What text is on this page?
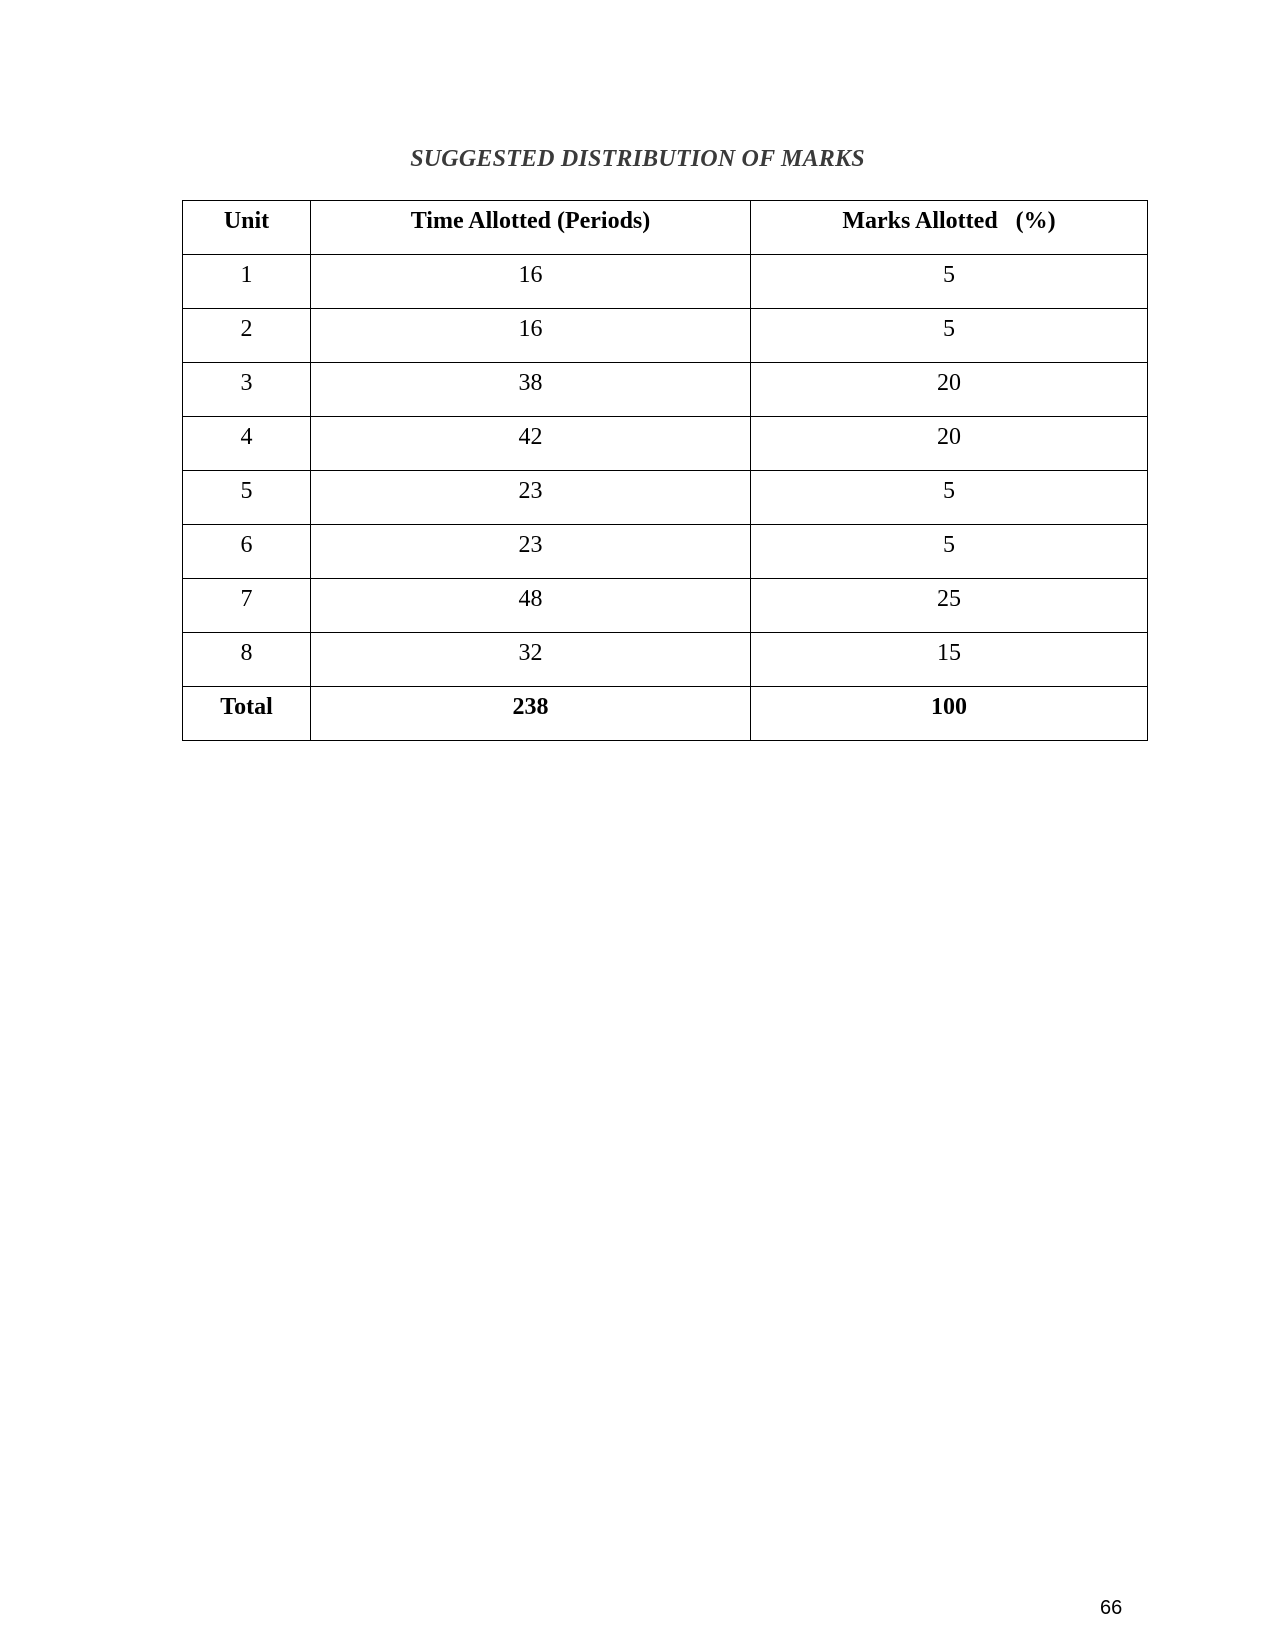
SUGGESTED DISTRIBUTION OF MARKS
Unit	Time Allotted (Periods)	Marks Allotted   (%)
1	16	5
2	16	5
3	38	20
4	42	20
5	23	5
6	23	5
7	48	25
8	32	15
Total	238	100
66
